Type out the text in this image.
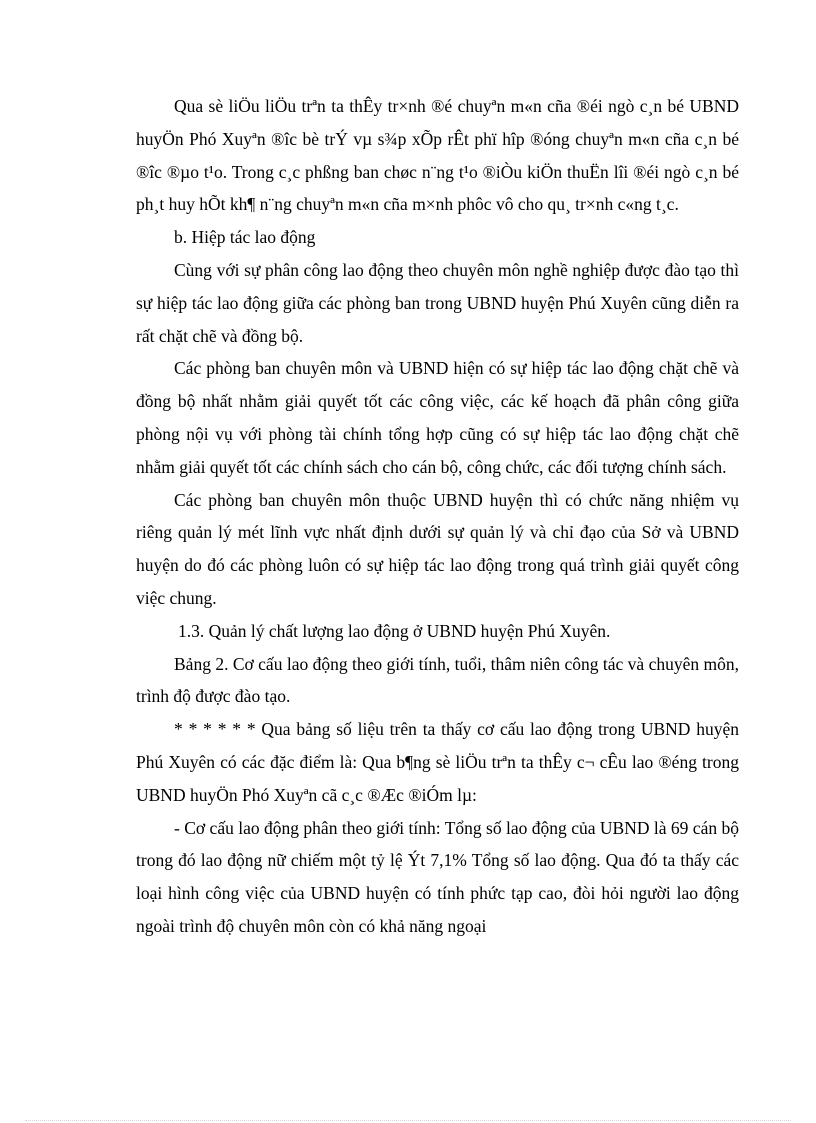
Qua sè liÖu liÖu trªn ta thÊy tr×nh ®é chuyªn m«n cña ®éi ngò c¸n bé UBND huyÖn Phó Xuyªn ®îc bè trÝ vµ s¾p xÕp rÊt phï hîp ®óng chuyªn m«n cña c¸n bé ®îc ®µo t¹o. Trong c¸c phßng ban chøc n¨ng t¹o ®iÒu kiÖn thuËn lîi ®éi ngò c¸n bé ph¸t huy hÕt kh¶ n¨ng chuyªn m«n cña m×nh phôc vô cho qu¸ tr×nh c«ng t¸c.

b. Hiệp tác lao động

Cùng với sự phân công lao động theo chuyên môn nghề nghiệp được đào tạo thì sự hiệp tác lao động giữa các phòng ban trong UBND huyện Phú Xuyên cũng diễn ra rất chặt chẽ và đồng bộ.

Các phòng ban chuyên môn và UBND hiện có sự hiệp tác lao động chặt chẽ và đồng bộ nhất nhằm giải quyết tốt các công việc, các kế hoạch đã phân công giữa phòng nội vụ với phòng tài chính tổng hợp cũng có sự hiệp tác lao động chặt chẽ nhằm giải quyết tốt các chính sách cho cán bộ, công chức, các đối tượng chính sách.

Các phòng ban chuyên môn thuộc UBND huyện thì có chức năng nhiệm vụ riêng quản lý mét lĩnh vực nhất định dưới sự quản lý và chỉ đạo của Sở và UBND huyện do đó các phòng luôn có sự hiệp tác lao động trong quá trình giải quyết công việc chung.

1.3. Quản lý chất lượng lao động ở UBND huyện Phú Xuyên.

Bảng 2. Cơ cấu lao động theo giới tính, tuổi, thâm niên công tác và chuyên môn, trình độ được đào tạo.

* * * * * * Qua bảng số liệu trên ta thấy cơ cấu lao động trong UBND huyện Phú Xuyên có các đặc điểm là: Qua b¶ng sè liÖu trªn ta thÊy c¬ cÊu lao ®éng trong UBND huyÖn Phó Xuyªn cã c¸c ®Æc ®iÓm lµ:

- Cơ cấu lao động phân theo giới tính: Tổng số lao động của UBND là 69 cán bộ trong đó lao động nữ chiếm một tỷ lệ Ýt 7,1% Tổng số lao động. Qua đó ta thấy các loại hình công việc của UBND huyện có tính phức tạp cao, đòi hỏi người lao động ngoài trình độ chuyên môn còn có khả năng ngoại
